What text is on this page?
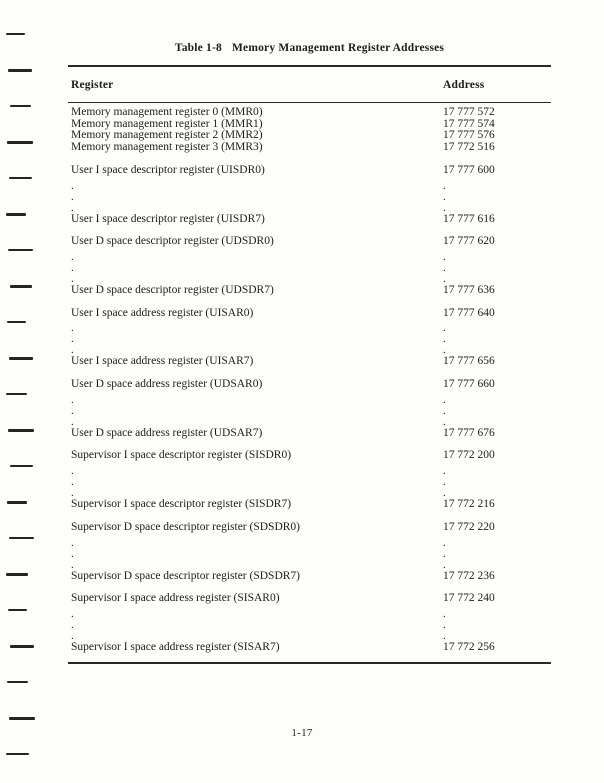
Table 1-8 Memory Management Register Addresses
Register	Address
Memory management register 0 (MMR0)	17 777 572
Memory management register 1 (MMR1)	17 777 574
Memory management register 2 (MMR2)	17 777 576
Memory management register 3 (MMR3)	17 772 516
User I space descriptor register (UISDR0)	17 777 600
.	.
.	.
.	.
User I space descriptor register (UISDR7)	17 777 616
User D space descriptor register (UDSDR0)	17 777 620
.	.
.	.
.	.
User D space descriptor register (UDSDR7)	17 777 636
User I space address register (UISAR0)	17 777 640
.	.
.	.
.	.
User I space address register (UISAR7)	17 777 656
User D space address register (UDSAR0)	17 777 660
.	.
.	.
.	.
User D space address register (UDSAR7)	17 777 676
Supervisor I space descriptor register (SISDR0)	17 772 200
.	.
.	.
.	.
Supervisor I space descriptor register (SISDR7)	17 772 216
Supervisor D space descriptor register (SDSDR0)	17 772 220
.	.
.	.
.	.
Supervisor D space descriptor register (SDSDR7)	17 772 236
Supervisor I space address register (SISAR0)	17 772 240
.	.
.	.
.	.
Supervisor I space address register (SISAR7)	17 772 256
1-17
